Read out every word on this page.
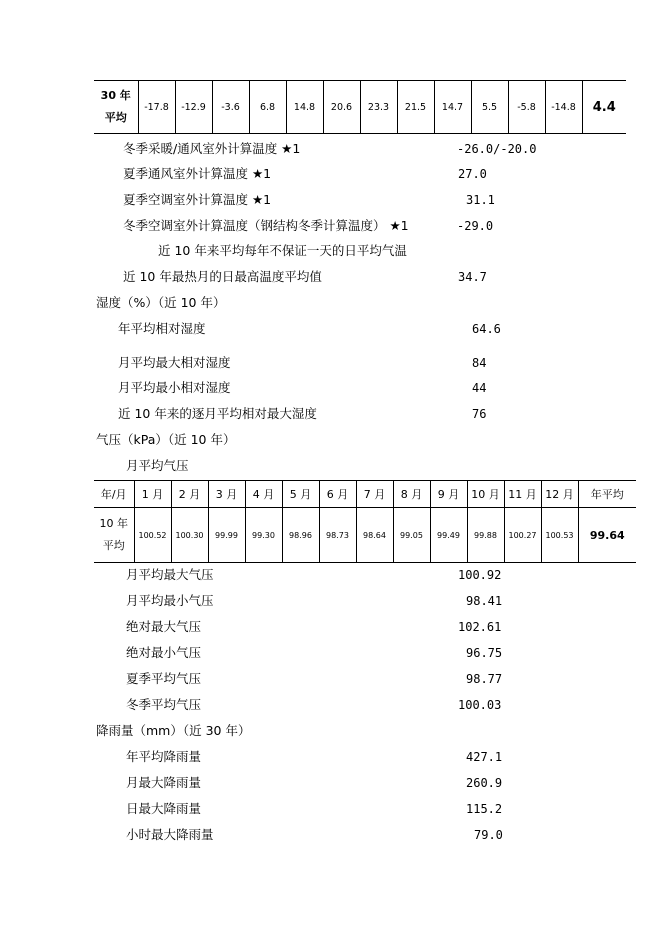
30 年
平均	-17.8	-12.9	-3.6	6.8	14.8	20.6	23.3	21.5	14.7	5.5	-5.8	-14.8	4.4
冬季采暖/通风室外计算温度 ★1	-26.0/-20.0
夏季通风室外计算温度 ★1	27.0
夏季空调室外计算温度 ★1	31.1
冬季空调室外计算温度（钢结构冬季计算温度） ★1	-29.0
近 10 年来平均每年不保证一天的日平均气温
近 10 年最热月的日最高温度平均值	34.7
湿度（%）（近 10 年）
年平均相对湿度	64.6
月平均最大相对湿度	84
月平均最小相对湿度	44
近 10 年来的逐月平均相对最大湿度	76
气压（kPa）（近 10 年）
月平均气压
年/月	1 月	2 月	3 月	4 月	5 月	6 月	7 月	8 月	9 月	10 月	11 月	12 月	年平均
10 年
平均	100.52	100.30	99.99	99.30	98.96	98.73	98.64	99.05	99.49	99.88	100.27	100.53	99.64
月平均最大气压	100.92
月平均最小气压	98.41
绝对最大气压	102.61
绝对最小气压	96.75
夏季平均气压	98.77
冬季平均气压	100.03
降雨量（mm）（近 30 年）
年平均降雨量	427.1
月最大降雨量	260.9
日最大降雨量	115.2
小时最大降雨量	79.0
